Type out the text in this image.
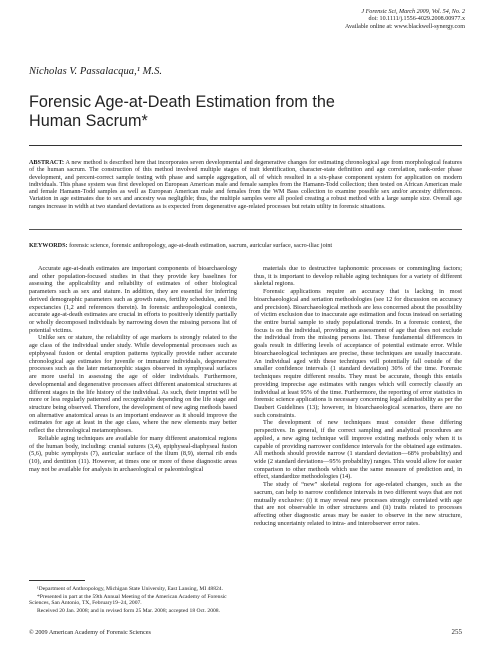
J Forensic Sci, March 2009, Vol. 54, No. 2
doi: 10.1111/j.1556-4029.2008.00977.x
Available online at: www.blackwell-synergy.com
Nicholas V. Passalacqua,¹ M.S.
Forensic Age-at-Death Estimation from the Human Sacrum*
ABSTRACT: A new method is described here that incorporates seven developmental and degenerative changes for estimating chronological age from morphological features of the human sacrum. The construction of this method involved multiple stages of trait identification, character-state definition and age correlation, rank-order phase development, and percent-correct sample testing with phase and sample aggregation, all of which resulted in a six-phase component system for application on modern individuals. This phase system was first developed on European American male and female samples from the Hamann-Todd collection; then tested on African American male and female Hamann-Todd samples as well as European American male and females from the WM Bass collection to examine possible sex and/or ancestry differences. Variation in age estimates due to sex and ancestry was negligible; thus, the multiple samples were all pooled creating a robust method with a large sample size. Overall age ranges increase in width at two standard deviations as is expected from degenerative age-related processes but retain utility in forensic situations.
KEYWORDS: forensic science, forensic anthropology, age-at-death estimation, sacrum, auricular surface, sacro-iliac joint

Accurate age-at-death estimates are important components of bioarchaeology and other population-focused studies in that they provide key baselines for assessing the applicability and reliability of estimates of other biological parameters such as sex and stature. In addition, they are essential for inferring derived demographic parameters such as growth rates, fertility schedules, and life expectancies (1,2 and references therein). In forensic anthropological contexts, accurate age-at-death estimates are crucial in efforts to positively identify partially or wholly decomposed individuals by narrowing down the missing persons list of potential victims.

Unlike sex or stature, the reliability of age markers is strongly related to the age class of the individual under study. While developmental processes such as epiphyseal fusion or dental eruption patterns typically provide rather accurate chronological age estimates for juvenile or immature individuals, degenerative processes such as the later metamorphic stages observed in symphyseal surfaces are more useful in assessing the age of older individuals. Furthermore, developmental and degenerative processes affect different anatomical structures at different stages in the life history of the individual. As such, their imprint will be more or less regularly patterned and recognizable depending on the life stage and structure being observed. Therefore, the development of new aging methods based on alternative anatomical areas is an important endeavor as it should improve the estimates for age at least in the age class, where the new elements may better reflect the chronological metamorphoses.

Reliable aging techniques are available for many different anatomical regions of the human body, including: cranial sutures (3,4), epiphyseal-diaphyseal fusion (5,6), pubic symphysis (7), auricular surface of the ilium (8,9), sternal rib ends (10), and dentition (11). However, at times one or more of these diagnostic areas may not be available for analysis in archaeological or paleontological

materials due to destructive taphonomic processes or commingling factors; thus, it is important to develop reliable aging techniques for a variety of different skeletal regions.

Forensic applications require an accuracy that is lacking in most bioarchaeological and seriation methodologies (see 12 for discussion on accuracy and precision). Bioarchaeological methods are less concerned about the possibility of victim exclusion due to inaccurate age estimation and focus instead on seriating the entire burial sample to study populational trends. In a forensic context, the focus is on the individual, providing an assessment of age that does not exclude the individual from the missing persons list. These fundamental differences in goals result in differing levels of acceptance of potential estimate error. While bioarchaeological techniques are precise, these techniques are usually inaccurate. An individual aged with these techniques will potentially fall outside of the smaller confidence intervals (1 standard deviation) 30% of the time. Forensic techniques require different results. They must be accurate, though this entails providing imprecise age estimates with ranges which will correctly classify an individual at least 95% of the time. Furthermore, the reporting of error statistics in forensic science applications is necessary concerning legal admissibility as per the Daubert Guidelines (13); however, in bioarchaeological scenarios, there are no such constraints.

The development of new techniques must consider these differing perspectives. In general, if the correct sampling and analytical procedures are applied, a new aging technique will improve existing methods only when it is capable of providing narrower confidence intervals for the obtained age estimates. All methods should provide narrow (1 standard deviation—68% probability) and wide (2 standard deviations—95% probability) ranges. This would allow for easier comparison to other methods which use the same measure of prediction and, in effect, standardize methodologies (14).

The study of “new” skeletal regions for age-related changes, such as the sacrum, can help to narrow confidence intervals in two different ways that are not mutually exclusive: (i) it may reveal new processes strongly correlated with age that are not observable in other structures and (ii) traits related to processes affecting other diagnostic areas may be easier to observe in the new structure, reducing uncertainty related to intra- and interobserver error rates.

¹Department of Anthropology, Michigan State University, East Lansing, MI 48824.

*Presented in part at the 59th Annual Meeting of the American Academy of Forensic Sciences, San Antonio, TX, February19–24, 2007.

Received 20 Jan. 2008; and in revised form 25 Mar. 2008; accepted 18 Oct. 2008.

© 2009 American Academy of Forensic Sciences	255
